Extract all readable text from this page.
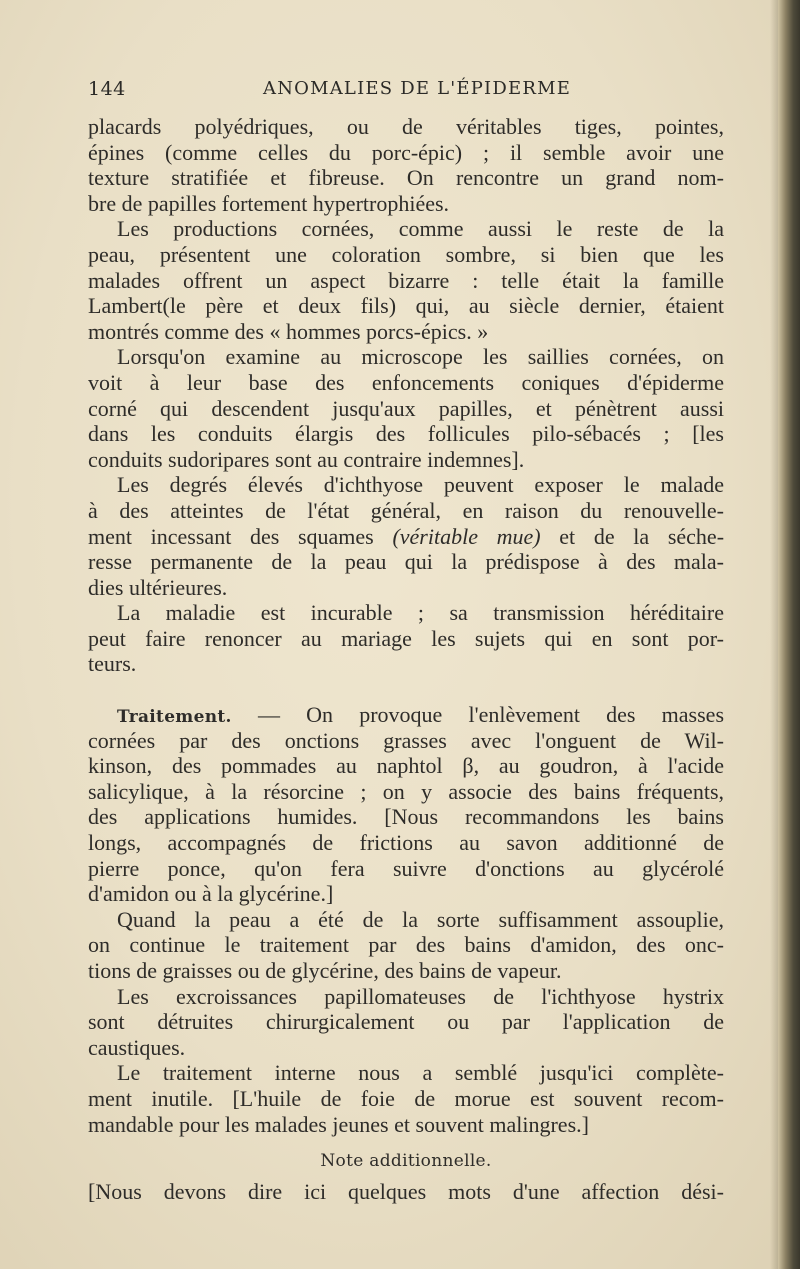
144	ANOMALIES DE L'ÉPIDERME
placards polyédriques, ou de véritables tiges, pointes,
épines (comme celles du porc-épic) ; il semble avoir une
texture stratifiée et fibreuse. On rencontre un grand nom-
bre de papilles fortement hypertrophiées.
Les productions cornées, comme aussi le reste de la
peau, présentent une coloration sombre, si bien que les
malades offrent un aspect bizarre : telle était la famille
Lambert(le père et deux fils) qui, au siècle dernier, étaient
montrés comme des « hommes porcs-épics. »
Lorsqu'on examine au microscope les saillies cornées, on
voit à leur base des enfoncements coniques d'épiderme
corné qui descendent jusqu'aux papilles, et pénètrent aussi
dans les conduits élargis des follicules pilo-sébacés ; [les
conduits sudoripares sont au contraire indemnes].
Les degrés élevés d'ichthyose peuvent exposer le malade
à des atteintes de l'état général, en raison du renouvelle-
ment incessant des squames (véritable mue) et de la séche-
resse permanente de la peau qui la prédispose à des mala-
dies ultérieures.
La maladie est incurable ; sa transmission héréditaire
peut faire renoncer au mariage les sujets qui en sont por-
teurs.
Traitement. — On provoque l'enlèvement des masses
cornées par des onctions grasses avec l'onguent de Wil-
kinson, des pommades au naphtol β, au goudron, à l'acide
salicylique, à la résorcine ; on y associe des bains fréquents,
des applications humides. [Nous recommandons les bains
longs, accompagnés de frictions au savon additionné de
pierre ponce, qu'on fera suivre d'onctions au glycérolé
d'amidon ou à la glycérine.]
Quand la peau a été de la sorte suffisamment assouplie,
on continue le traitement par des bains d'amidon, des onc-
tions de graisses ou de glycérine, des bains de vapeur.
Les excroissances papillomateuses de l'ichthyose hystrix
sont détruites chirurgicalement ou par l'application de
caustiques.
Le traitement interne nous a semblé jusqu'ici complète-
ment inutile. [L'huile de foie de morue est souvent recom-
mandable pour les malades jeunes et souvent malingres.]
Note additionnelle.
[Nous devons dire ici quelques mots d'une affection dési-
